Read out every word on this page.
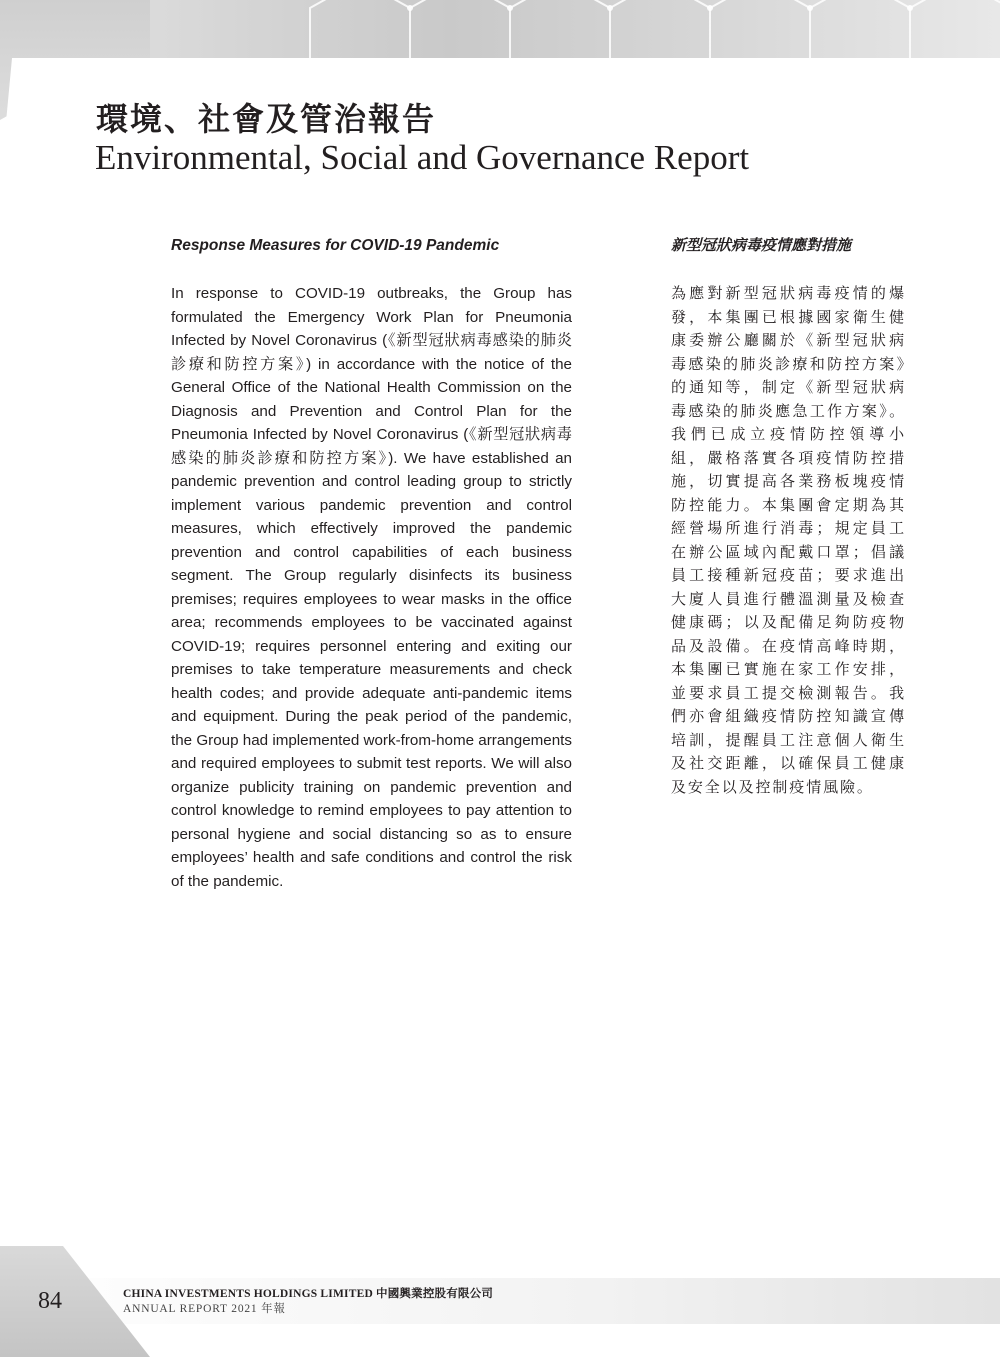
環境、社會及管治報告
Environmental, Social and Governance Report
Response Measures for COVID-19 Pandemic	新型冠狀病毒疫情應對措施

In response to COVID-19 outbreaks, the Group has formulated the Emergency Work Plan for Pneumonia Infected by Novel Coronavirus (《新型冠狀病毒感染的肺炎診療和防控方案》) in accordance with the notice of the General Office of the National Health Commission on the Diagnosis and Prevention and Control Plan for the Pneumonia Infected by Novel Coronavirus (《新型冠狀病毒感染的肺炎診療和防控方案》). We have established an pandemic prevention and control leading group to strictly implement various pandemic prevention and control measures, which effectively improved the pandemic prevention and control capabilities of each business segment. The Group regularly disinfects its business premises; requires employees to wear masks in the office area; recommends employees to be vaccinated against COVID-19; requires personnel entering and exiting our premises to take temperature measurements and check health codes; and provide adequate anti-pandemic items and equipment. During the peak period of the pandemic, the Group had implemented work-from-home arrangements and required employees to submit test reports. We will also organize publicity training on pandemic prevention and control knowledge to remind employees to pay attention to personal hygiene and social distancing so as to ensure employees’ health and safe conditions and control the risk of the pandemic.

為應對新型冠狀病毒疫情的爆發，本集團已根據國家衛生健康委辦公廳關於《新型冠狀病毒感染的肺炎診療和防控方案》的通知等，制定《新型冠狀病毒感染的肺炎應急工作方案》。我們已成立疫情防控領導小組，嚴格落實各項疫情防控措施，切實提高各業務板塊疫情防控能力。本集團會定期為其經營場所進行消毒；規定員工在辦公區域內配戴口罩；倡議員工接種新冠疫苗；要求進出大廈人員進行體溫測量及檢查健康碼；以及配備足夠防疫物品及設備。在疫情高峰時期，本集團已實施在家工作安排，並要求員工提交檢測報告。我們亦會組織疫情防控知識宣傳培訓，提醒員工注意個人衛生及社交距離，以確保員工健康及安全以及控制疫情風險。

84	CHINA INVESTMENTS HOLDINGS LIMITED 中國興業控股有限公司
ANNUAL REPORT 2021 年報
